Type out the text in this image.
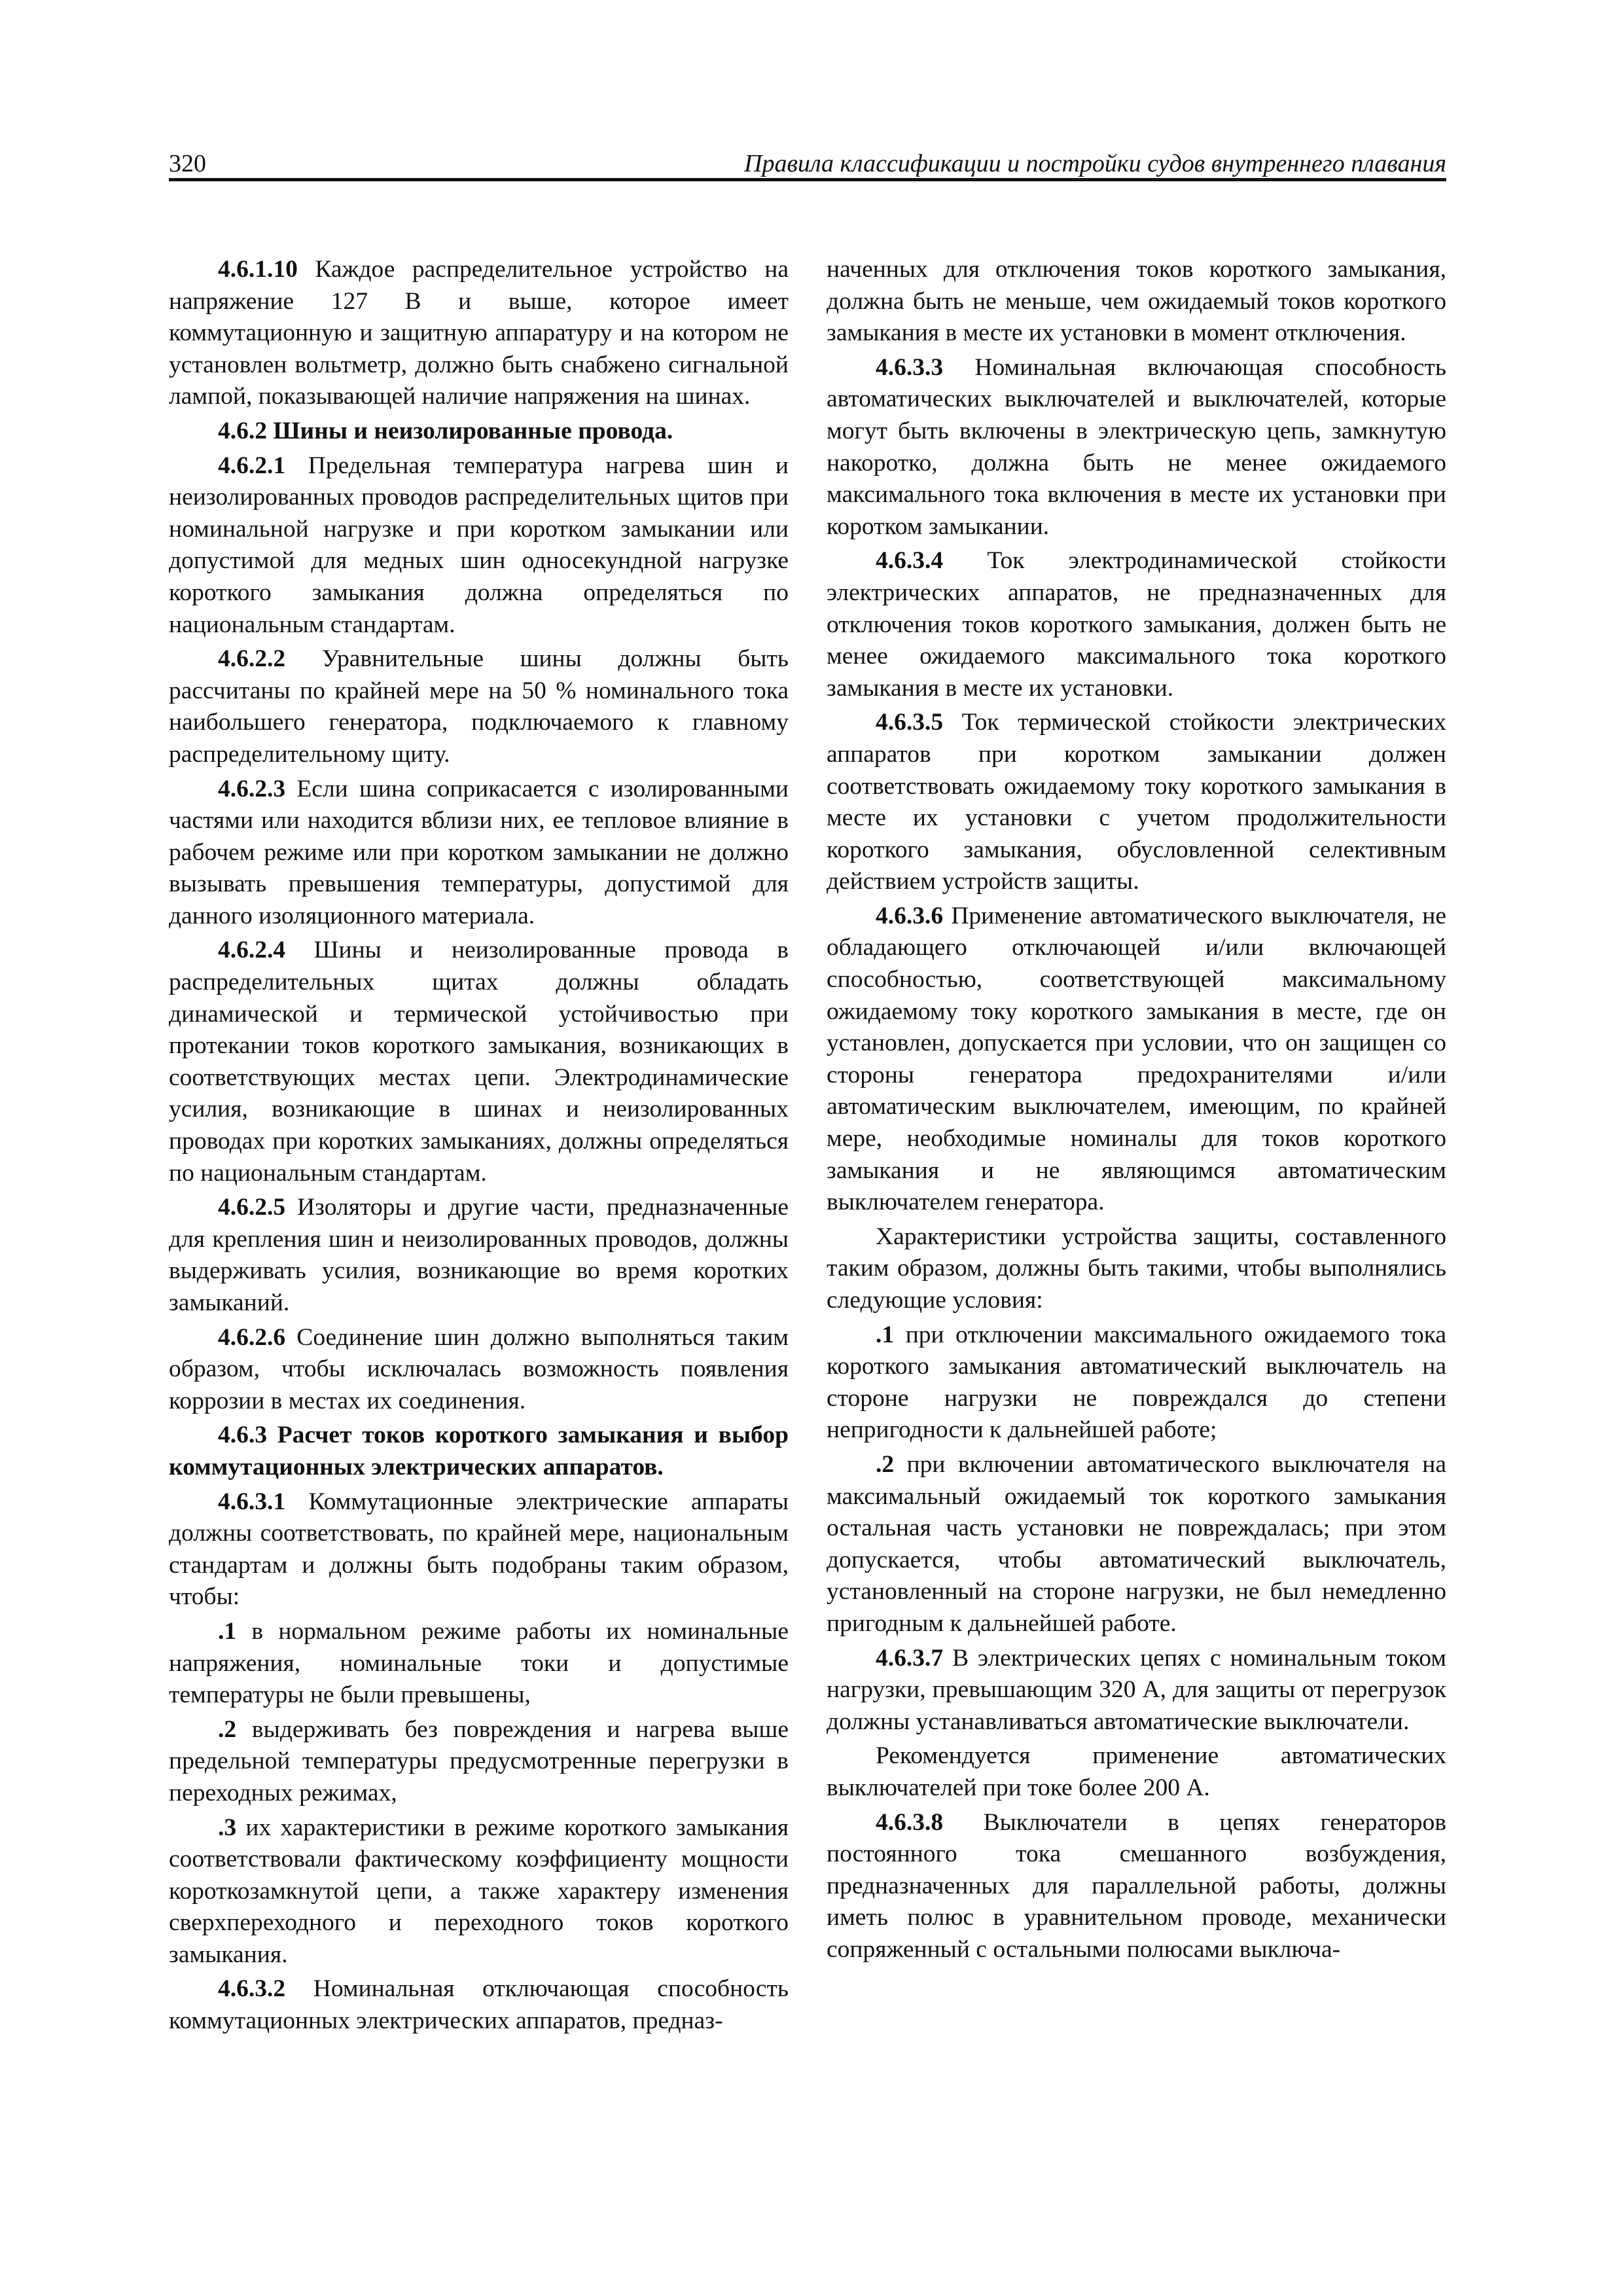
320	Правила классификации и постройки судов внутреннего плавания

4.6.1.10 Каждое распределительное устройство на напряжение 127 В и выше, которое имеет коммутационную и защитную аппаратуру и на котором не установлен вольтметр, должно быть снабжено сигнальной лампой, показывающей наличие напряжения на шинах.

4.6.2 Шины и неизолированные провода.

4.6.2.1 Предельная температура нагрева шин и неизолированных проводов распределительных щитов при номинальной нагрузке и при коротком замыкании или допустимой для медных шин односекундной нагрузке короткого замыкания должна определяться по национальным стандартам.

4.6.2.2 Уравнительные шины должны быть рассчитаны по крайней мере на 50 % номинального тока наибольшего генератора, подключаемого к главному распределительному щиту.

4.6.2.3 Если шина соприкасается с изолированными частями или находится вблизи них, ее тепловое влияние в рабочем режиме или при коротком замыкании не должно вызывать превышения температуры, допустимой для данного изоляционного материала.

4.6.2.4 Шины и неизолированные провода в распределительных щитах должны обладать динамической и термической устойчивостью при протекании токов короткого замыкания, возникающих в соответствующих местах цепи. Электродинамические усилия, возникающие в шинах и неизолированных проводах при коротких замыканиях, должны определяться по национальным стандартам.

4.6.2.5 Изоляторы и другие части, предназначенные для крепления шин и неизолированных проводов, должны выдерживать усилия, возникающие во время коротких замыканий.

4.6.2.6 Соединение шин должно выполняться таким образом, чтобы исключалась возможность появления коррозии в местах их соединения.

4.6.3 Расчет токов короткого замыкания и выбор коммутационных электрических аппаратов.

4.6.3.1 Коммутационные электрические аппараты должны соответствовать, по крайней мере, национальным стандартам и должны быть подобраны таким образом, чтобы:

.1 в нормальном режиме работы их номинальные напряжения, номинальные токи и допустимые температуры не были превышены,

.2 выдерживать без повреждения и нагрева выше предельной температуры предусмотренные перегрузки в переходных режимах,

.3 их характеристики в режиме короткого замыкания соответствовали фактическому коэффициенту мощности короткозамкнутой цепи, а также характеру изменения сверхпереходного и переходного токов короткого замыкания.

4.6.3.2 Номинальная отключающая способность коммутационных электрических аппаратов, предназ-

наченных для отключения токов короткого замыкания, должна быть не меньше, чем ожидаемый токов короткого замыкания в месте их установки в момент отключения.

4.6.3.3 Номинальная включающая способность автоматических выключателей и выключателей, которые могут быть включены в электрическую цепь, замкнутую накоротко, должна быть не менее ожидаемого максимального тока включения в месте их установки при коротком замыкании.

4.6.3.4 Ток электродинамической стойкости электрических аппаратов, не предназначенных для отключения токов короткого замыкания, должен быть не менее ожидаемого максимального тока короткого замыкания в месте их установки.

4.6.3.5 Ток термической стойкости электрических аппаратов при коротком замыкании должен соответствовать ожидаемому току короткого замыкания в месте их установки с учетом продолжительности короткого замыкания, обусловленной селективным действием устройств защиты.

4.6.3.6 Применение автоматического выключателя, не обладающего отключающей и/или включающей способностью, соответствующей максимальному ожидаемому току короткого замыкания в месте, где он установлен, допускается при условии, что он защищен со стороны генератора предохранителями и/или автоматическим выключателем, имеющим, по крайней мере, необходимые номиналы для токов короткого замыкания и не являющимся автоматическим выключателем генератора.

Характеристики устройства защиты, составленного таким образом, должны быть такими, чтобы выполнялись следующие условия:

.1 при отключении максимального ожидаемого тока короткого замыкания автоматический выключатель на стороне нагрузки не повреждался до степени непригодности к дальнейшей работе;

.2 при включении автоматического выключателя на максимальный ожидаемый ток короткого замыкания остальная часть установки не повреждалась; при этом допускается, чтобы автоматический выключатель, установленный на стороне нагрузки, не был немедленно пригодным к дальнейшей работе.

4.6.3.7 В электрических цепях с номинальным током нагрузки, превышающим 320 А, для защиты от перегрузок должны устанавливаться автоматические выключатели.

Рекомендуется применение автоматических выключателей при токе более 200 А.

4.6.3.8 Выключатели в цепях генераторов постоянного тока смешанного возбуждения, предназначенных для параллельной работы, должны иметь полюс в уравнительном проводе, механически сопряженный с остальными полюсами выключа-
